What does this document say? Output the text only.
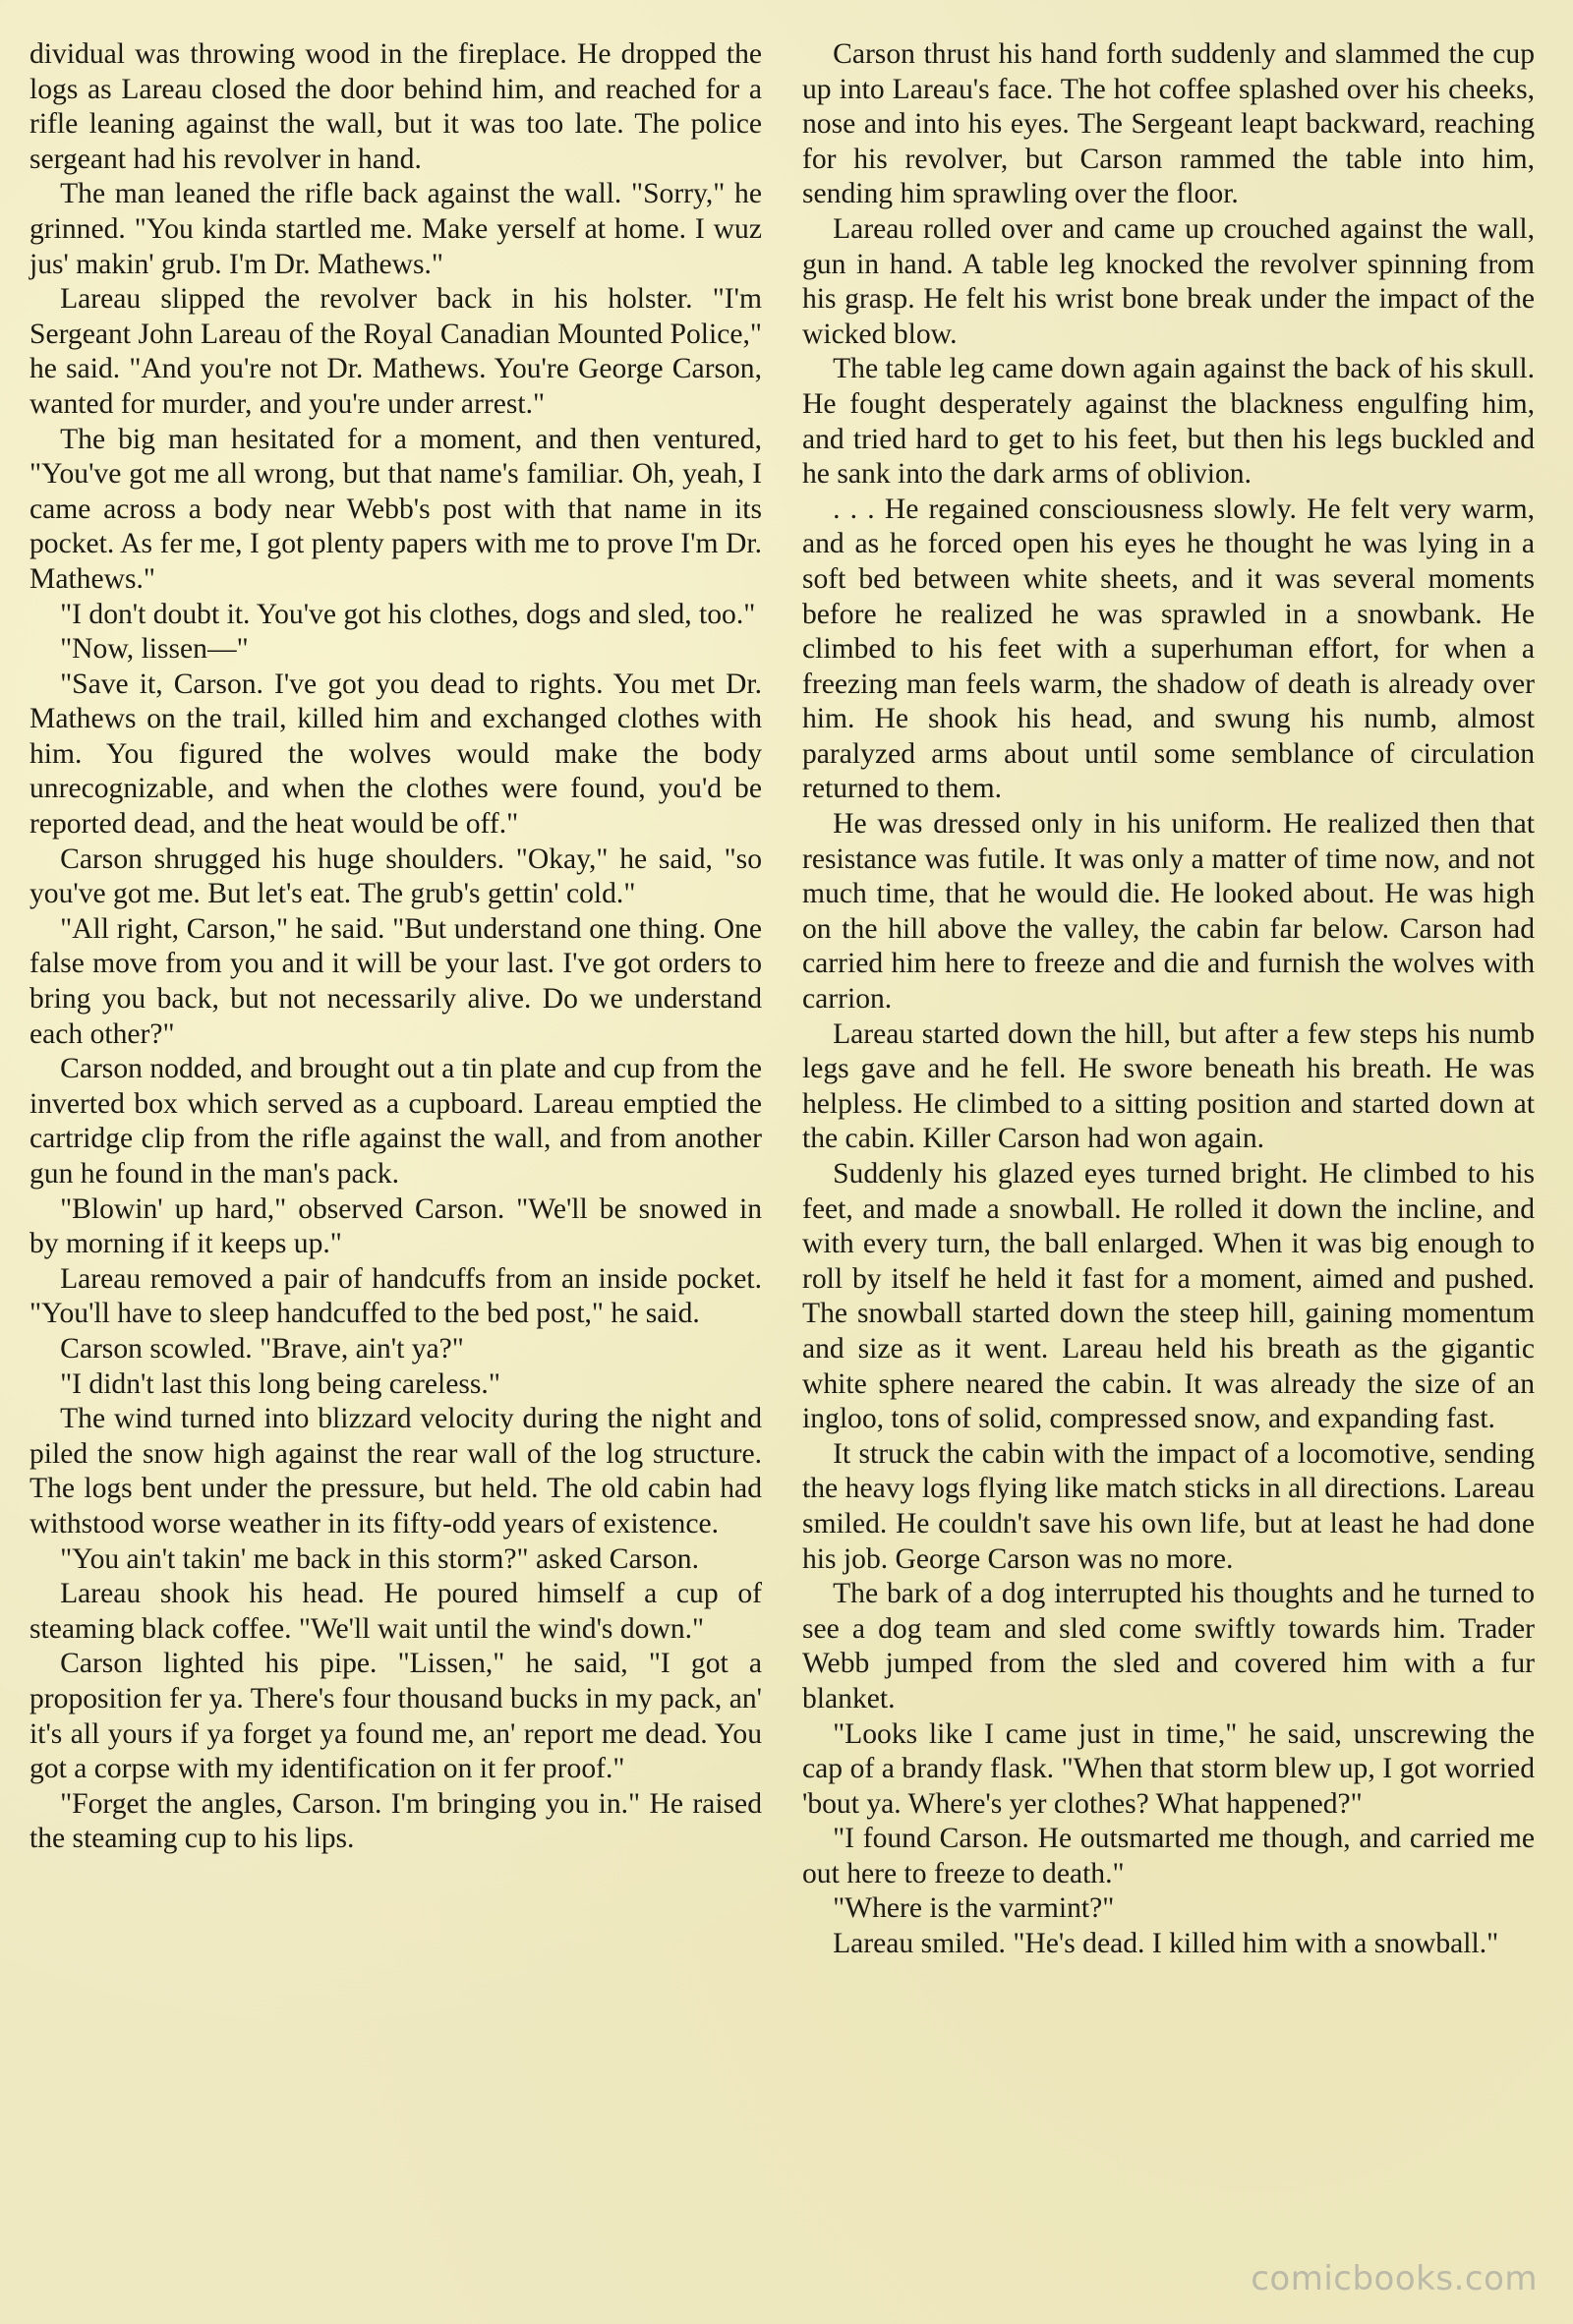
dividual was throwing wood in the fireplace. He dropped the logs as Lareau closed the door behind him, and reached for a rifle leaning against the wall, but it was too late. The police sergeant had his revolver in hand.

The man leaned the rifle back against the wall. "Sorry," he grinned. "You kinda startled me. Make yerself at home. I wuz jus' makin' grub. I'm Dr. Mathews."

Lareau slipped the revolver back in his holster. "I'm Sergeant John Lareau of the Royal Canadian Mounted Police," he said. "And you're not Dr. Mathews. You're George Carson, wanted for murder, and you're under arrest."

The big man hesitated for a moment, and then ventured, "You've got me all wrong, but that name's familiar. Oh, yeah, I came across a body near Webb's post with that name in its pocket. As fer me, I got plenty papers with me to prove I'm Dr. Mathews."

"I don't doubt it. You've got his clothes, dogs and sled, too."

"Now, lissen—"

"Save it, Carson. I've got you dead to rights. You met Dr. Mathews on the trail, killed him and exchanged clothes with him. You figured the wolves would make the body unrecognizable, and when the clothes were found, you'd be reported dead, and the heat would be off."

Carson shrugged his huge shoulders. "Okay," he said, "so you've got me. But let's eat. The grub's gettin' cold."

"All right, Carson," he said. "But understand one thing. One false move from you and it will be your last. I've got orders to bring you back, but not necessarily alive. Do we understand each other?"

Carson nodded, and brought out a tin plate and cup from the inverted box which served as a cupboard. Lareau emptied the cartridge clip from the rifle against the wall, and from another gun he found in the man's pack.

"Blowin' up hard," observed Carson. "We'll be snowed in by morning if it keeps up."

Lareau removed a pair of handcuffs from an inside pocket. "You'll have to sleep handcuffed to the bed post," he said.

Carson scowled. "Brave, ain't ya?"

"I didn't last this long being careless."

The wind turned into blizzard velocity during the night and piled the snow high against the rear wall of the log structure. The logs bent under the pressure, but held. The old cabin had withstood worse weather in its fifty-odd years of existence.

"You ain't takin' me back in this storm?" asked Carson.

Lareau shook his head. He poured himself a cup of steaming black coffee. "We'll wait until the wind's down."

Carson lighted his pipe. "Lissen," he said, "I got a proposition fer ya. There's four thousand bucks in my pack, an' it's all yours if ya forget ya found me, an' report me dead. You got a corpse with my identification on it fer proof."

"Forget the angles, Carson. I'm bringing you in." He raised the steaming cup to his lips.

Carson thrust his hand forth suddenly and slammed the cup up into Lareau's face. The hot coffee splashed over his cheeks, nose and into his eyes. The Sergeant leapt backward, reaching for his revolver, but Carson rammed the table into him, sending him sprawling over the floor.

Lareau rolled over and came up crouched against the wall, gun in hand. A table leg knocked the revolver spinning from his grasp. He felt his wrist bone break under the impact of the wicked blow.

The table leg came down again against the back of his skull. He fought desperately against the blackness engulfing him, and tried hard to get to his feet, but then his legs buckled and he sank into the dark arms of oblivion.

. . . He regained consciousness slowly. He felt very warm, and as he forced open his eyes he thought he was lying in a soft bed between white sheets, and it was several moments before he realized he was sprawled in a snowbank. He climbed to his feet with a superhuman effort, for when a freezing man feels warm, the shadow of death is already over him. He shook his head, and swung his numb, almost paralyzed arms about until some semblance of circulation returned to them.

He was dressed only in his uniform. He realized then that resistance was futile. It was only a matter of time now, and not much time, that he would die. He looked about. He was high on the hill above the valley, the cabin far below. Carson had carried him here to freeze and die and furnish the wolves with carrion.

Lareau started down the hill, but after a few steps his numb legs gave and he fell. He swore beneath his breath. He was helpless. He climbed to a sitting position and started down at the cabin. Killer Carson had won again.

Suddenly his glazed eyes turned bright. He climbed to his feet, and made a snowball. He rolled it down the incline, and with every turn, the ball enlarged. When it was big enough to roll by itself he held it fast for a moment, aimed and pushed. The snowball started down the steep hill, gaining momentum and size as it went. Lareau held his breath as the gigantic white sphere neared the cabin. It was already the size of an ingloo, tons of solid, compressed snow, and expanding fast.

It struck the cabin with the impact of a locomotive, sending the heavy logs flying like match sticks in all directions. Lareau smiled. He couldn't save his own life, but at least he had done his job. George Carson was no more.

The bark of a dog interrupted his thoughts and he turned to see a dog team and sled come swiftly towards him. Trader Webb jumped from the sled and covered him with a fur blanket.

"Looks like I came just in time," he said, unscrewing the cap of a brandy flask. "When that storm blew up, I got worried 'bout ya. Where's yer clothes? What happened?"

"I found Carson. He outsmarted me though, and carried me out here to freeze to death."

"Where is the varmint?"

Lareau smiled. "He's dead. I killed him with a snowball."

comicbooks.com
